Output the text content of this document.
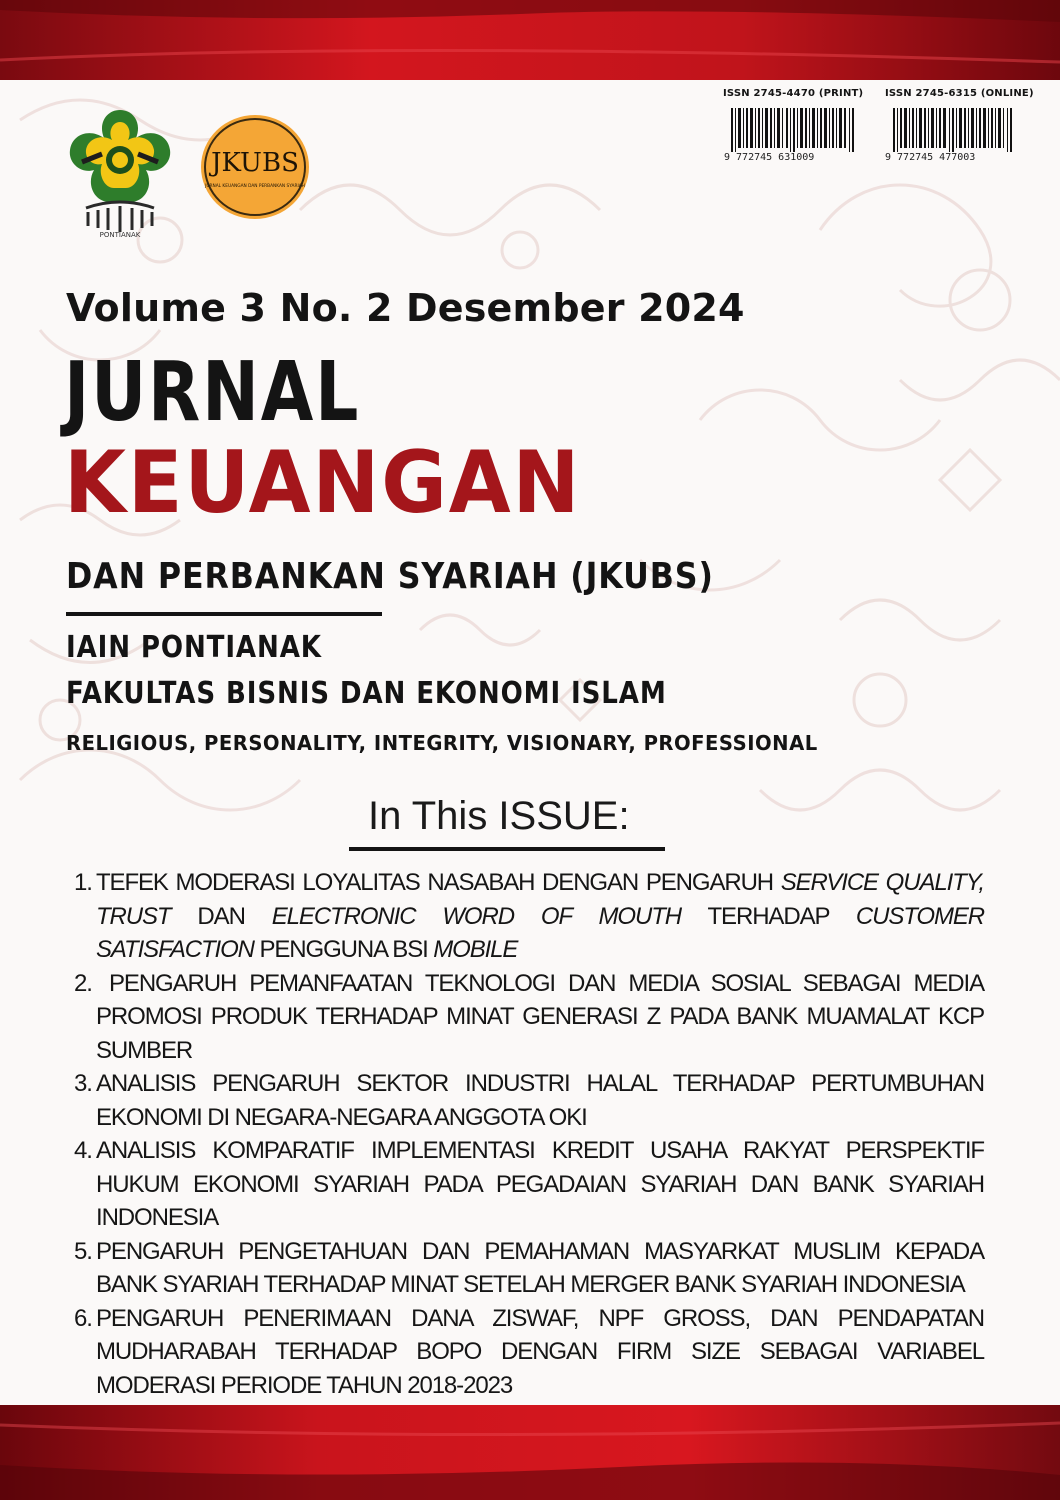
PONTIANAK
JKUBS
JURNAL KEUANGAN DAN PERBANKAN SYARIAH
ISSN 2745-4470 (PRINT) ISSN 2745-6315 (ONLINE)
9 772745 631009	9 772745 477003
Volume 3 No. 2 Desember 2024
JURNAL
KEUANGAN
DAN PERBANKAN SYARIAH (JKUBS)
IAIN PONTIANAK
FAKULTAS BISNIS DAN EKONOMI ISLAM
RELIGIOUS, PERSONALITY, INTEGRITY, VISIONARY, PROFESSIONAL
In This ISSUE:
1. TEFEK MODERASI LOYALITAS NASABAH DENGAN PENGARUH SERVICE QUALITY, TRUST DAN ELECTRONIC WORD OF MOUTH TERHADAP CUSTOMER SATISFACTION PENGGUNA BSI MOBILE
2. PENGARUH PEMANFAATAN TEKNOLOGI DAN MEDIA SOSIAL SEBAGAI MEDIA PROMOSI PRODUK TERHADAP MINAT GENERASI Z PADA BANK MUAMALAT KCP SUMBER
3. ANALISIS PENGARUH SEKTOR INDUSTRI HALAL TERHADAP PERTUMBUHAN EKONOMI DI NEGARA-NEGARA ANGGOTA OKI
4. ANALISIS KOMPARATIF IMPLEMENTASI KREDIT USAHA RAKYAT PERSPEKTIF HUKUM EKONOMI SYARIAH PADA PEGADAIAN SYARIAH DAN BANK SYARIAH INDONESIA
5. PENGARUH PENGETAHUAN DAN PEMAHAMAN MASYARKAT MUSLIM KEPADA BANK SYARIAH TERHADAP MINAT SETELAH MERGER BANK SYARIAH INDONESIA
6. PENGARUH PENERIMAAN DANA ZISWAF, NPF GROSS, DAN PENDAPATAN MUDHARABAH TERHADAP BOPO DENGAN FIRM SIZE SEBAGAI VARIABEL MODERASI PERIODE TAHUN 2018-2023
